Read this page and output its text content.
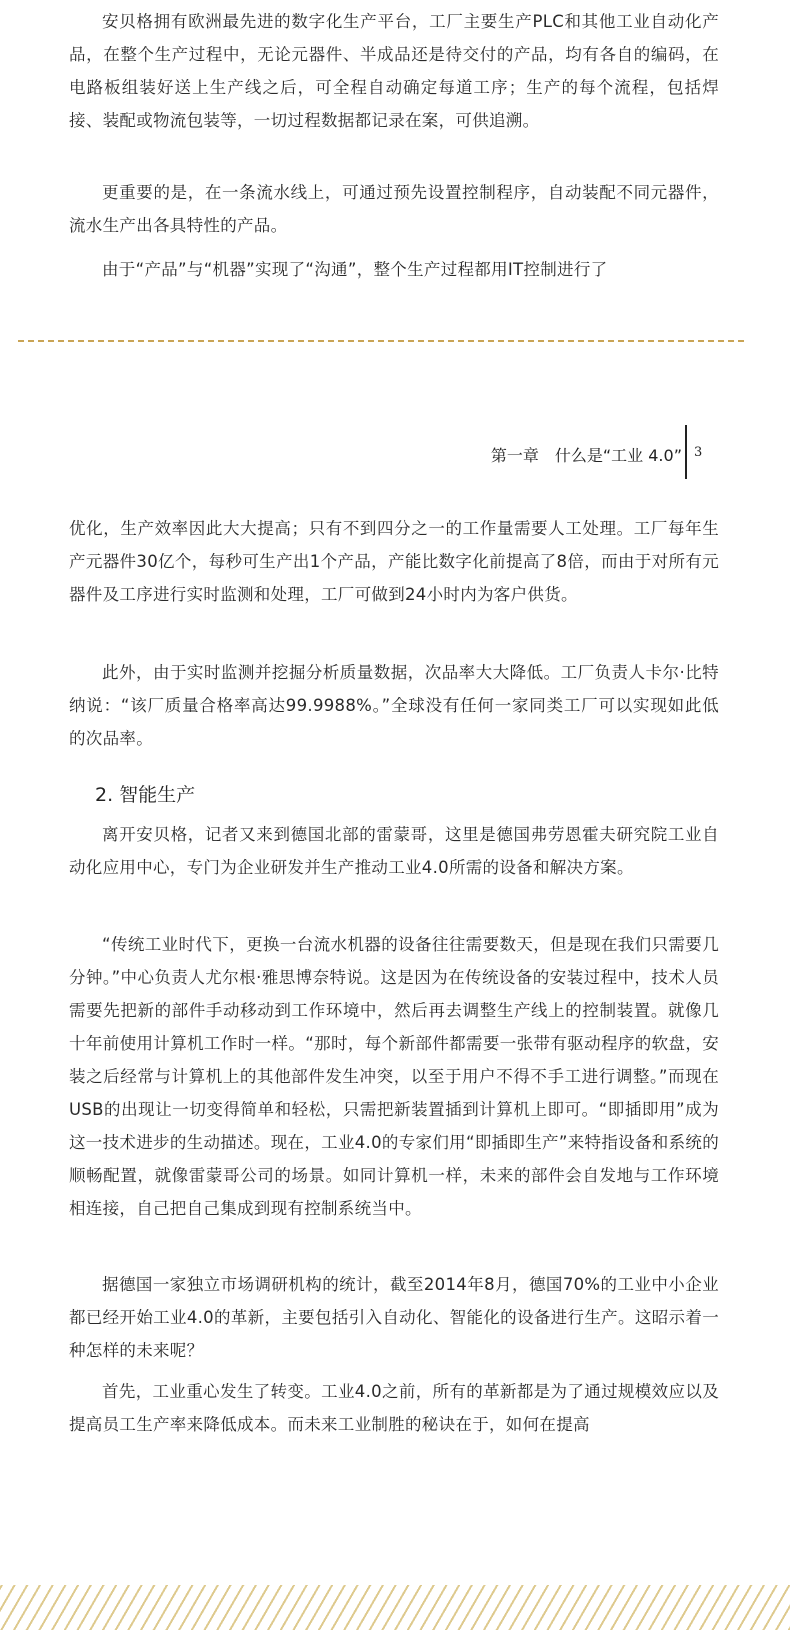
安贝格拥有欧洲最先进的数字化生产平台，工厂主要生产PLC和其他工业自动化产品，在整个生产过程中，无论元器件、半成品还是待交付的产品，均有各自的编码，在电路板组装好送上生产线之后，可全程自动确定每道工序；生产的每个流程，包括焊接、装配或物流包装等，一切过程数据都记录在案，可供追溯。

更重要的是，在一条流水线上，可通过预先设置控制程序，自动装配不同元器件，流水生产出各具特性的产品。

由于“产品”与“机器”实现了“沟通”，整个生产过程都用IT控制进行了

第一章　什么是“工业 4.0” 3

优化，生产效率因此大大提高；只有不到四分之一的工作量需要人工处理。工厂每年生产元器件30亿个，每秒可生产出1个产品，产能比数字化前提高了8倍，而由于对所有元器件及工序进行实时监测和处理，工厂可做到24小时内为客户供货。

此外，由于实时监测并挖掘分析质量数据，次品率大大降低。工厂负责人卡尔·比特纳说：“该厂质量合格率高达99.9988%。”全球没有任何一家同类工厂可以实现如此低的次品率。

2. 智能生产

离开安贝格，记者又来到德国北部的雷蒙哥，这里是德国弗劳恩霍夫研究院工业自动化应用中心，专门为企业研发并生产推动工业4.0所需的设备和解决方案。

“传统工业时代下，更换一台流水机器的设备往往需要数天，但是现在我们只需要几分钟。”中心负责人尤尔根·雅思博奈特说。这是因为在传统设备的安装过程中，技术人员需要先把新的部件手动移动到工作环境中，然后再去调整生产线上的控制装置。就像几十年前使用计算机工作时一样。“那时，每个新部件都需要一张带有驱动程序的软盘，安装之后经常与计算机上的其他部件发生冲突，以至于用户不得不手工进行调整。”而现在USB的出现让一切变得简单和轻松，只需把新装置插到计算机上即可。“即插即用”成为这一技术进步的生动描述。现在，工业4.0的专家们用“即插即生产”来特指设备和系统的顺畅配置，就像雷蒙哥公司的场景。如同计算机一样，未来的部件会自发地与工作环境相连接，自己把自己集成到现有控制系统当中。

据德国一家独立市场调研机构的统计，截至2014年8月，德国70%的工业中小企业都已经开始工业4.0的革新，主要包括引入自动化、智能化的设备进行生产。这昭示着一种怎样的未来呢？

首先，工业重心发生了转变。工业4.0之前，所有的革新都是为了通过规模效应以及提高员工生产率来降低成本。而未来工业制胜的秘诀在于，如何在提高
